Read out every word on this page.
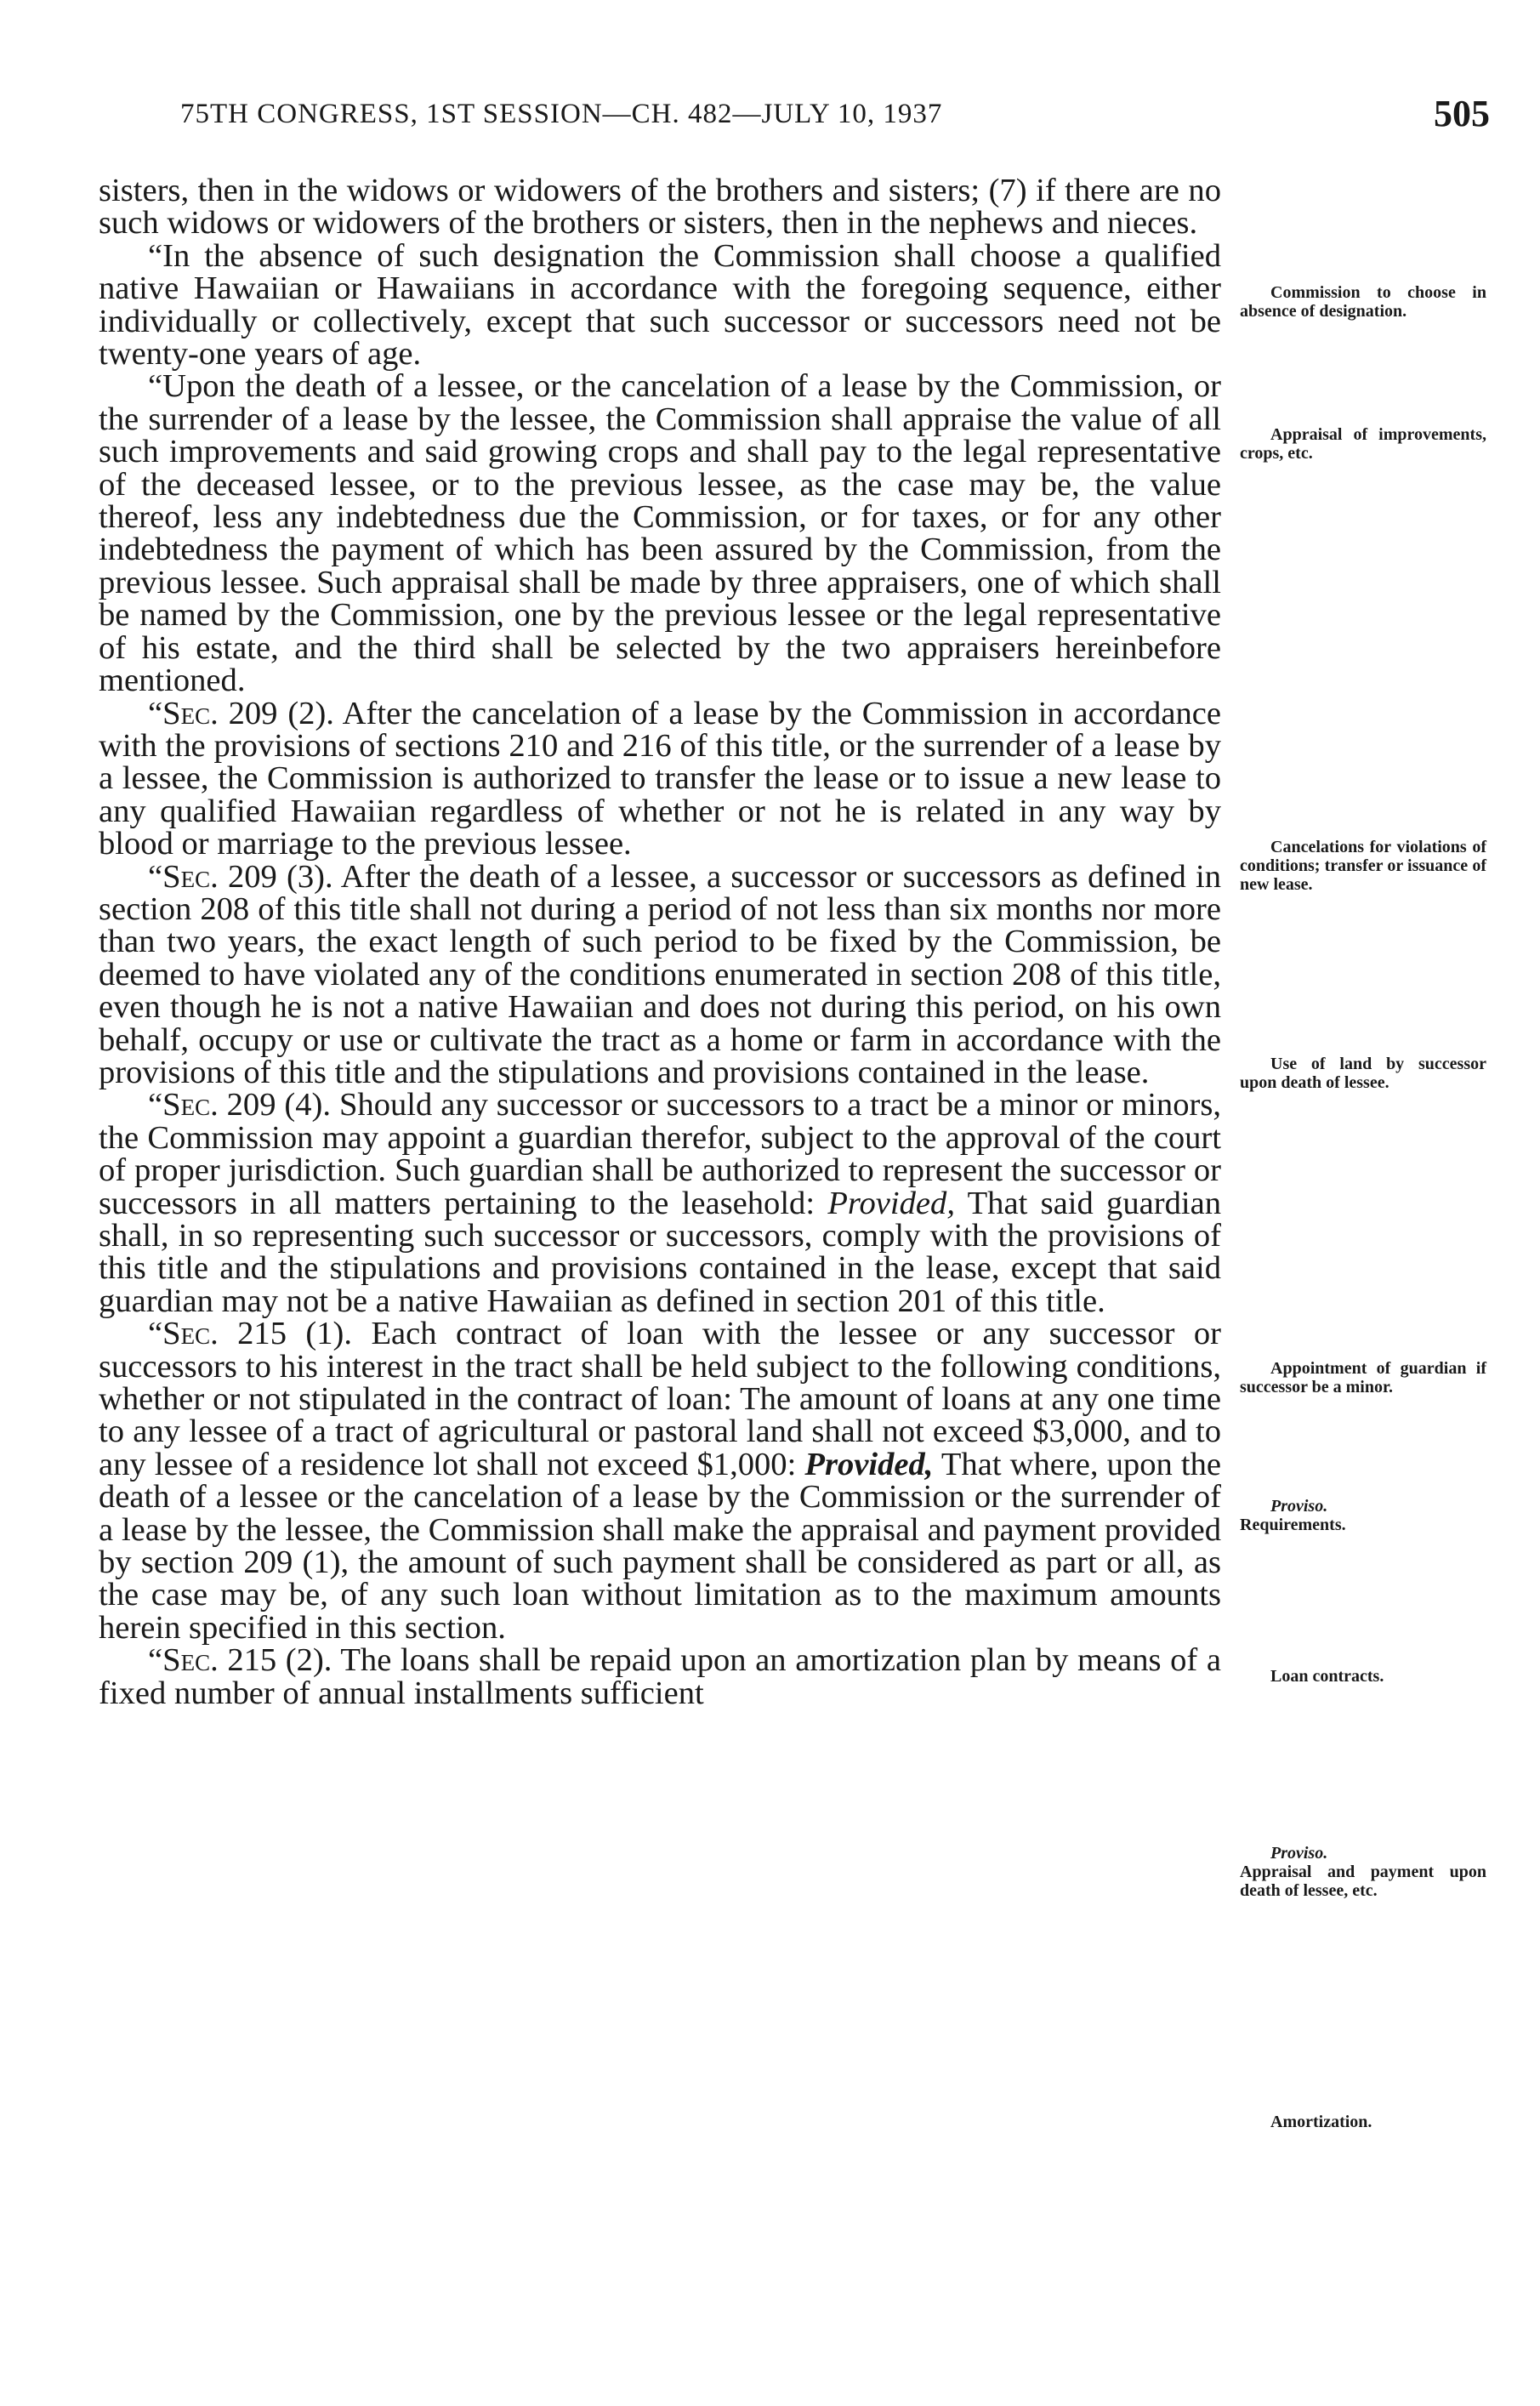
75TH CONGRESS, 1ST SESSION—CH. 482—JULY 10, 1937	505

sisters, then in the widows or widowers of the brothers and sisters; (7) if there are no such widows or widowers of the brothers or sisters, then in the nephews and nieces.

“In the absence of such designation the Commission shall choose a qualified native Hawaiian or Hawaiians in accordance with the foregoing sequence, either individually or collectively, except that such successor or successors need not be twenty-one years of age.

“Upon the death of a lessee, or the cancelation of a lease by the Commission, or the surrender of a lease by the lessee, the Commission shall appraise the value of all such improvements and said growing crops and shall pay to the legal representative of the deceased lessee, or to the previous lessee, as the case may be, the value thereof, less any indebtedness due the Commission, or for taxes, or for any other indebtedness the payment of which has been assured by the Commission, from the previous lessee. Such appraisal shall be made by three appraisers, one of which shall be named by the Commission, one by the previous lessee or the legal representative of his estate, and the third shall be selected by the two appraisers hereinbefore mentioned.

“Sec. 209 (2). After the cancelation of a lease by the Commission in accordance with the provisions of sections 210 and 216 of this title, or the surrender of a lease by a lessee, the Commission is authorized to transfer the lease or to issue a new lease to any qualified Hawaiian regardless of whether or not he is related in any way by blood or marriage to the previous lessee.

“Sec. 209 (3). After the death of a lessee, a successor or successors as defined in section 208 of this title shall not during a period of not less than six months nor more than two years, the exact length of such period to be fixed by the Commission, be deemed to have violated any of the conditions enumerated in section 208 of this title, even though he is not a native Hawaiian and does not during this period, on his own behalf, occupy or use or cultivate the tract as a home or farm in accordance with the provisions of this title and the stipulations and provisions contained in the lease.

“Sec. 209 (4). Should any successor or successors to a tract be a minor or minors, the Commission may appoint a guardian therefor, subject to the approval of the court of proper jurisdiction. Such guardian shall be authorized to represent the successor or successors in all matters pertaining to the leasehold: Provided, That said guardian shall, in so representing such successor or successors, comply with the provisions of this title and the stipulations and provisions contained in the lease, except that said guardian may not be a native Hawaiian as defined in section 201 of this title.

“Sec. 215 (1). Each contract of loan with the lessee or any successor or successors to his interest in the tract shall be held subject to the following conditions, whether or not stipulated in the contract of loan: The amount of loans at any one time to any lessee of a tract of agricultural or pastoral land shall not exceed $3,000, and to any lessee of a residence lot shall not exceed $1,000: Provided, That where, upon the death of a lessee or the cancelation of a lease by the Commission or the surrender of a lease by the lessee, the Commission shall make the appraisal and payment provided by section 209 (1), the amount of such payment shall be considered as part or all, as the case may be, of any such loan without limitation as to the maximum amounts herein specified in this section.

“Sec. 215 (2). The loans shall be repaid upon an amortization plan by means of a fixed number of annual installments sufficient

Commission to choose in absence of designation.
Appraisal of improvements, crops, etc.
Cancelations for violations of conditions; transfer or issuance of new lease.
Use of land by successor upon death of lessee.
Appointment of guardian if successor be a minor.
Proviso.
Requirements.
Loan contracts.
Proviso.
Appraisal and payment upon death of lessee, etc.
Amortization.
